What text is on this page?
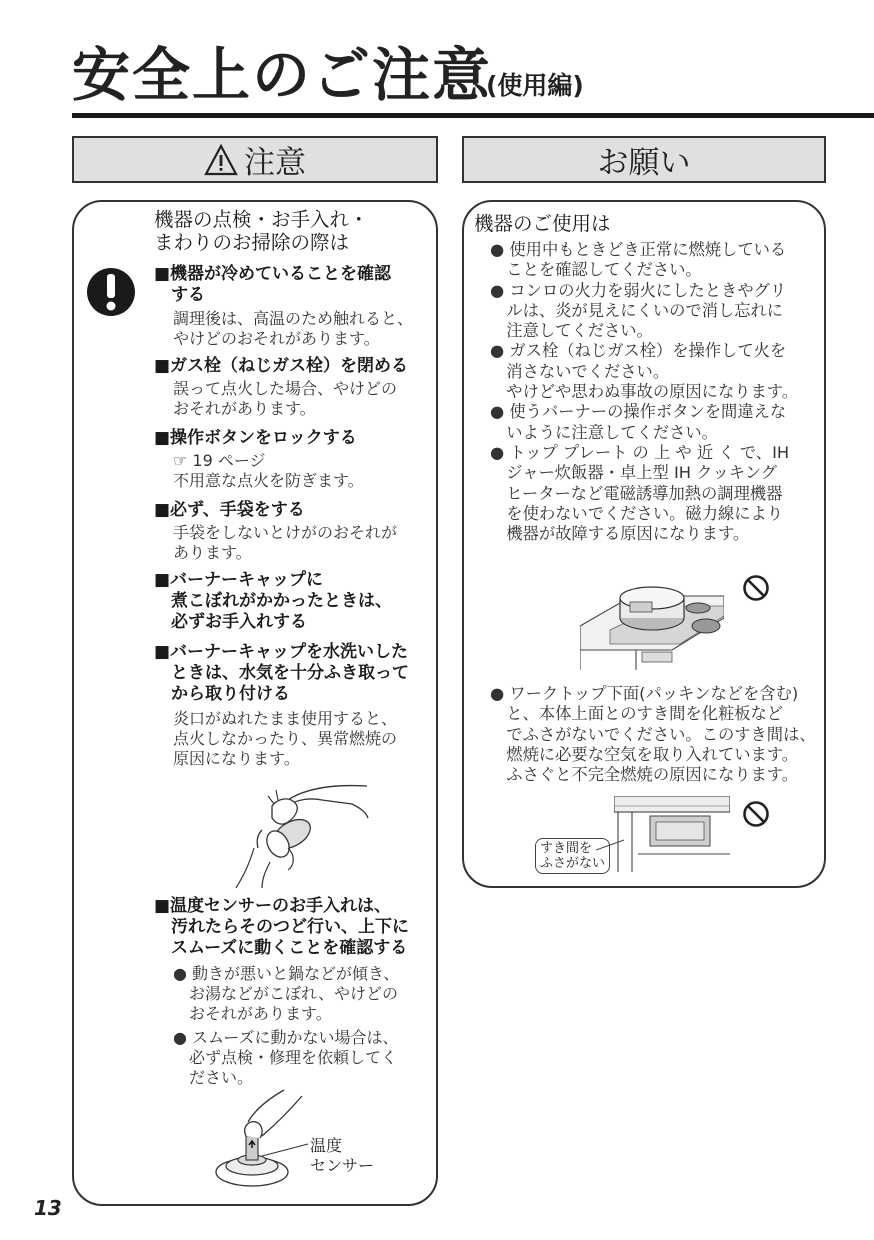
安全上のご注意
(使用編)
注意	お願い
機器の点検・お手入れ・
まわりのお掃除の際は
■機器が冷めていることを確認
　する
調理後は、高温のため触れると、
やけどのおそれがあります。
■ガス栓（ねじガス栓）を閉める
誤って点火した場合、やけどの
おそれがあります。
■操作ボタンをロックする
☞ 19 ページ
不用意な点火を防ぎます。
■必ず、手袋をする
手袋をしないとけがのおそれが
あります。
■バーナーキャップに
　煮こぼれがかかったときは、
　必ずお手入れする
■バーナーキャップを水洗いした
　ときは、水気を十分ふき取って
　から取り付ける
炎口がぬれたまま使用すると、
点火しなかったり、異常燃焼の
原因になります。
■温度センサーのお手入れは、
　汚れたらそのつど行い、上下に
　スムーズに動くことを確認する
● 動きが悪いと鍋などが傾き、
　お湯などがこぼれ、やけどの
　おそれがあります。
● スムーズに動かない場合は、
　必ず点検・修理を依頼してく
　ださい。
温度
センサー
機器のご使用は
● 使用中もときどき正常に燃焼している
　ことを確認してください。
● コンロの火力を弱火にしたときやグリ
　ルは、炎が見えにくいので消し忘れに
　注意してください。
● ガス栓（ねじガス栓）を操作して火を
　消さないでください。
　やけどや思わぬ事故の原因になります。
● 使うバーナーの操作ボタンを間違えな
　いように注意してください。
● トップ プレート の 上 や 近 く で、IH
　ジャー炊飯器・卓上型 IH クッキング
　ヒーターなど電磁誘導加熱の調理機器
　を使わないでください。磁力線により
　機器が故障する原因になります。
● ワークトップ下面(パッキンなどを含む)
　と、本体上面とのすき間を化粧板など
　でふさがないでください。このすき間は、
　燃焼に必要な空気を取り入れています。
　ふさぐと不完全燃焼の原因になります。
すき間を
ふさがない
13
